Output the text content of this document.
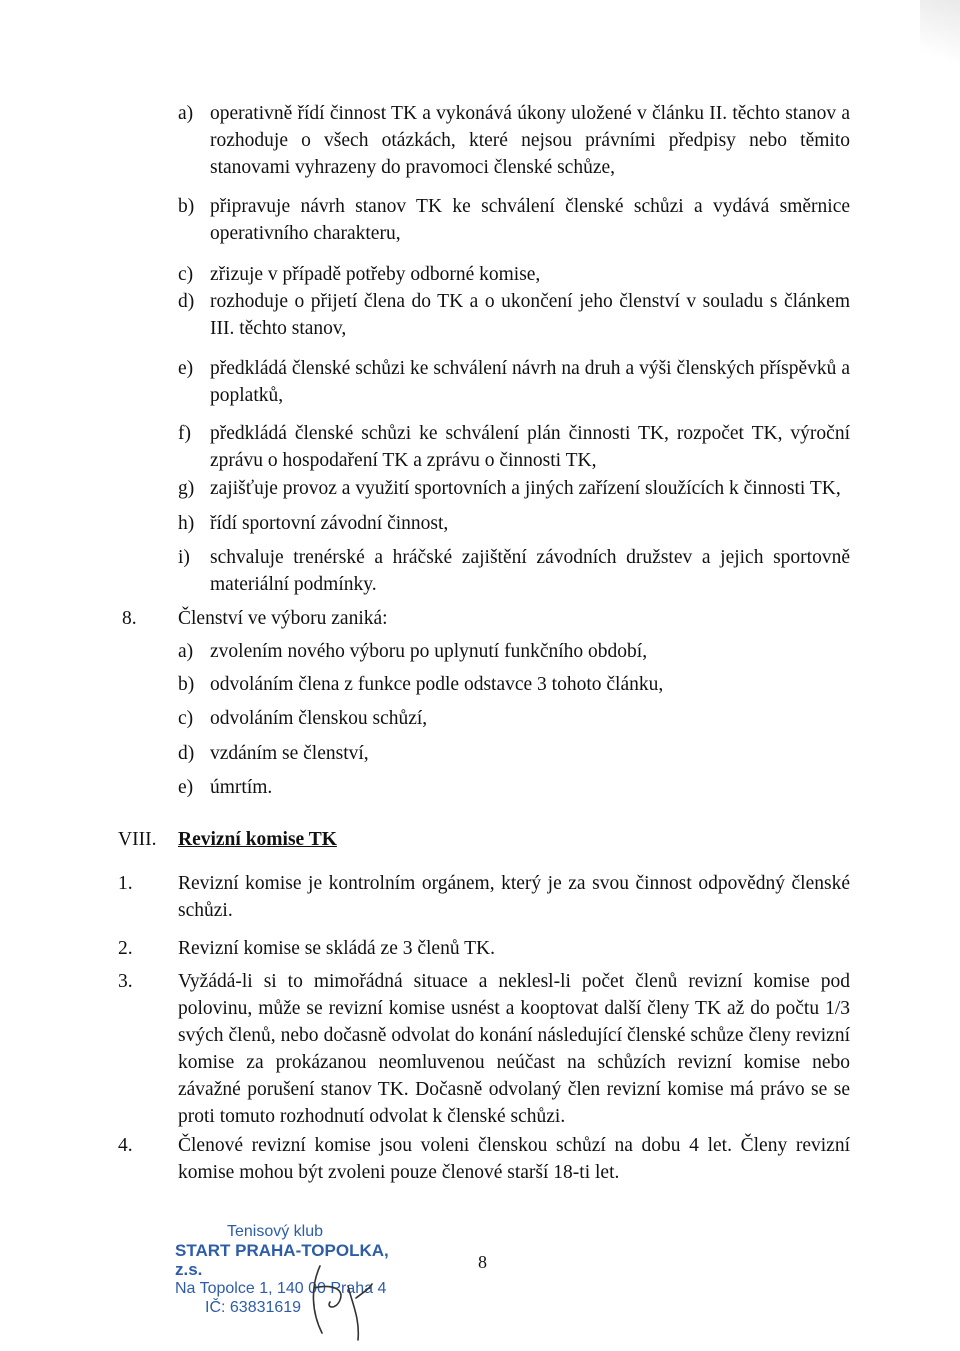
a) operativně řídí činnost TK a vykonává úkony uložené v článku II. těchto stanov a rozhoduje o všech otázkách, které nejsou právními předpisy nebo těmito stanovami vyhrazeny do pravomoci členské schůze,
b) připravuje návrh stanov TK ke schválení členské schůzi a vydává směrnice operativního charakteru,
c) zřizuje v případě potřeby odborné komise,
d) rozhoduje o přijetí člena do TK a o ukončení jeho členství v souladu s článkem III. těchto stanov,
e) předkládá členské schůzi ke schválení návrh na druh a výši členských příspěvků a poplatků,
f) předkládá členské schůzi ke schválení plán činnosti TK, rozpočet TK, výroční zprávu o hospodaření TK a zprávu o činnosti TK,
g) zajišťuje provoz a využití sportovních a jiných zařízení sloužících k činnosti TK,
h) řídí sportovní závodní činnost,
i) schvaluje trenérské a hráčské zajištění závodních družstev a jejich sportovně materiální podmínky.
8. Členství ve výboru zaniká:
a) zvolením nového výboru po uplynutí funkčního období,
b) odvoláním člena z funkce podle odstavce 3 tohoto článku,
c) odvoláním členskou schůzí,
d) vzdáním se členství,
e) úmrtím.
VIII. Revizní komise TK
1. Revizní komise je kontrolním orgánem, který je za svou činnost odpovědný členské schůzi.
2. Revizní komise se skládá ze 3 členů TK.
3. Vyžádá-li si to mimořádná situace a neklesl-li počet členů revizní komise pod polovinu, může se revizní komise usnést a kooptovat další členy TK až do počtu 1/3 svých členů, nebo dočasně odvolat do konání následující členské schůze členy revizní komise za prokázanou neomluvenou neúčast na schůzích revizní komise nebo závažné porušení stanov TK. Dočasně odvolaný člen revizní komise má právo se se proti tomuto rozhodnutí odvolat k členské schůzi.
4. Členové revizní komise jsou voleni členskou schůzí na dobu 4 let. Členy revizní komise mohou být zvoleni pouze členové starší 18-ti let.
Tenisový klub
START PRAHA-TOPOLKA, z.s.
Na Topolce 1, 140 00 Praha 4
IČ: 63831619
8
